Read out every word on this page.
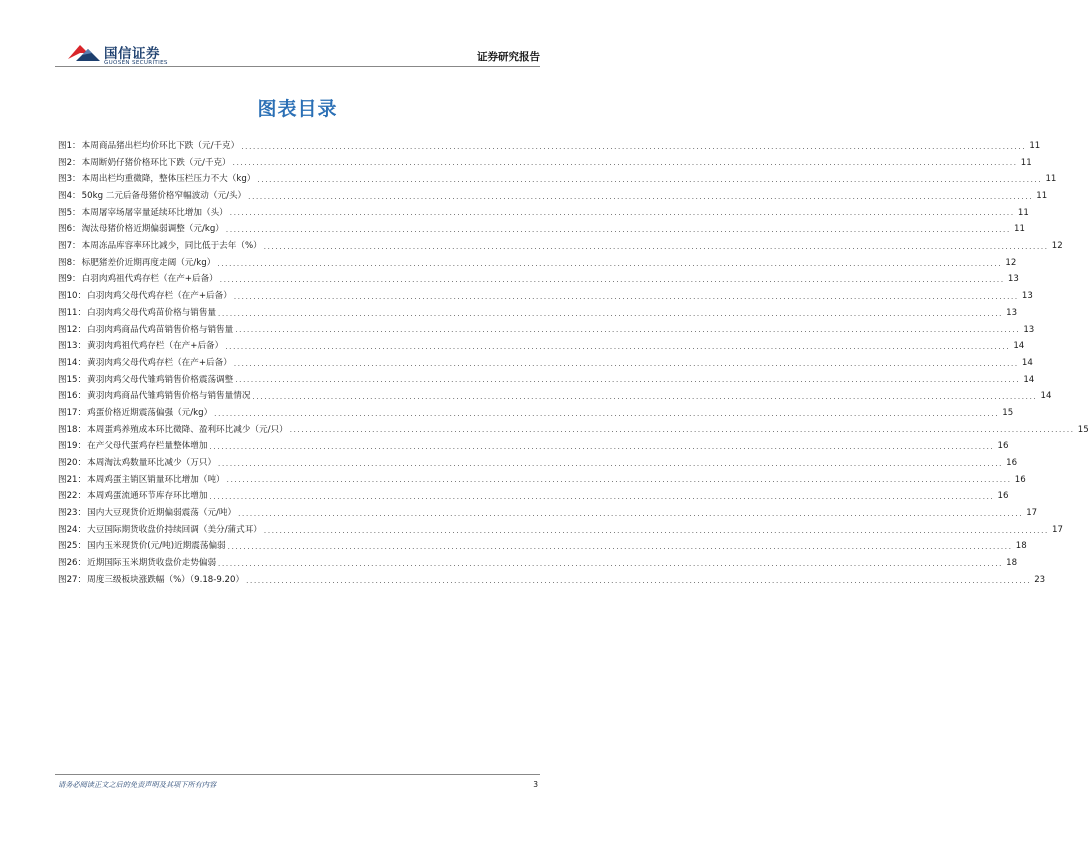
国信证券
GUOSEN SECURITIES	证券研究报告
图表目录
图1： 本周商品猪出栏均价环比下跌（元/千克） ........................................................................................................................................................................................................ 11
图2： 本周断奶仔猪价格环比下跌（元/千克） ........................................................................................................................................................................................................ 11
图3： 本周出栏均重微降，整体压栏压力不大（kg） ........................................................................................................................................................................................................ 11
图4： 50kg 二元后备母猪价格窄幅波动（元/头） ........................................................................................................................................................................................................ 11
图5： 本周屠宰场屠宰量延续环比增加（头） ........................................................................................................................................................................................................ 11
图6： 淘汰母猪价格近期偏弱调整（元/kg） ........................................................................................................................................................................................................ 11
图7： 本周冻品库容率环比减少，同比低于去年（%） ........................................................................................................................................................................................................ 12
图8： 标肥猪差价近期再度走阔（元/kg） ........................................................................................................................................................................................................ 12
图9： 白羽肉鸡祖代鸡存栏（在产+后备） ........................................................................................................................................................................................................ 13
图10： 白羽肉鸡父母代鸡存栏（在产+后备） ........................................................................................................................................................................................................ 13
图11： 白羽肉鸡父母代鸡苗价格与销售量 ........................................................................................................................................................................................................ 13
图12： 白羽肉鸡商品代鸡苗销售价格与销售量 ........................................................................................................................................................................................................ 13
图13： 黄羽肉鸡祖代鸡存栏（在产+后备） ........................................................................................................................................................................................................ 14
图14： 黄羽肉鸡父母代鸡存栏（在产+后备） ........................................................................................................................................................................................................ 14
图15： 黄羽肉鸡父母代雏鸡销售价格震荡调整 ........................................................................................................................................................................................................ 14
图16： 黄羽肉鸡商品代雏鸡销售价格与销售量情况 ........................................................................................................................................................................................................ 14
图17： 鸡蛋价格近期震荡偏强（元/kg） ........................................................................................................................................................................................................ 15
图18： 本周蛋鸡养殖成本环比微降、盈利环比减少（元/只） ........................................................................................................................................................................................................ 15
图19： 在产父母代蛋鸡存栏量整体增加 ........................................................................................................................................................................................................ 16
图20： 本周淘汰鸡数量环比减少（万只） ........................................................................................................................................................................................................ 16
图21： 本周鸡蛋主销区销量环比增加（吨） ........................................................................................................................................................................................................ 16
图22： 本周鸡蛋流通环节库存环比增加 ........................................................................................................................................................................................................ 16
图23： 国内大豆现货价近期偏弱震荡（元/吨） ........................................................................................................................................................................................................ 17
图24： 大豆国际期货收盘价持续回调（美分/蒲式耳） ........................................................................................................................................................................................................ 17
图25： 国内玉米现货价(元/吨)近期震荡偏弱 ........................................................................................................................................................................................................ 18
图26： 近期国际玉米期货收盘价走势偏弱 ........................................................................................................................................................................................................ 18
图27： 周度三级板块涨跌幅（%）（9.18-9.20） ........................................................................................................................................................................................................ 23
请务必阅读正文之后的免责声明及其项下所有内容	3
